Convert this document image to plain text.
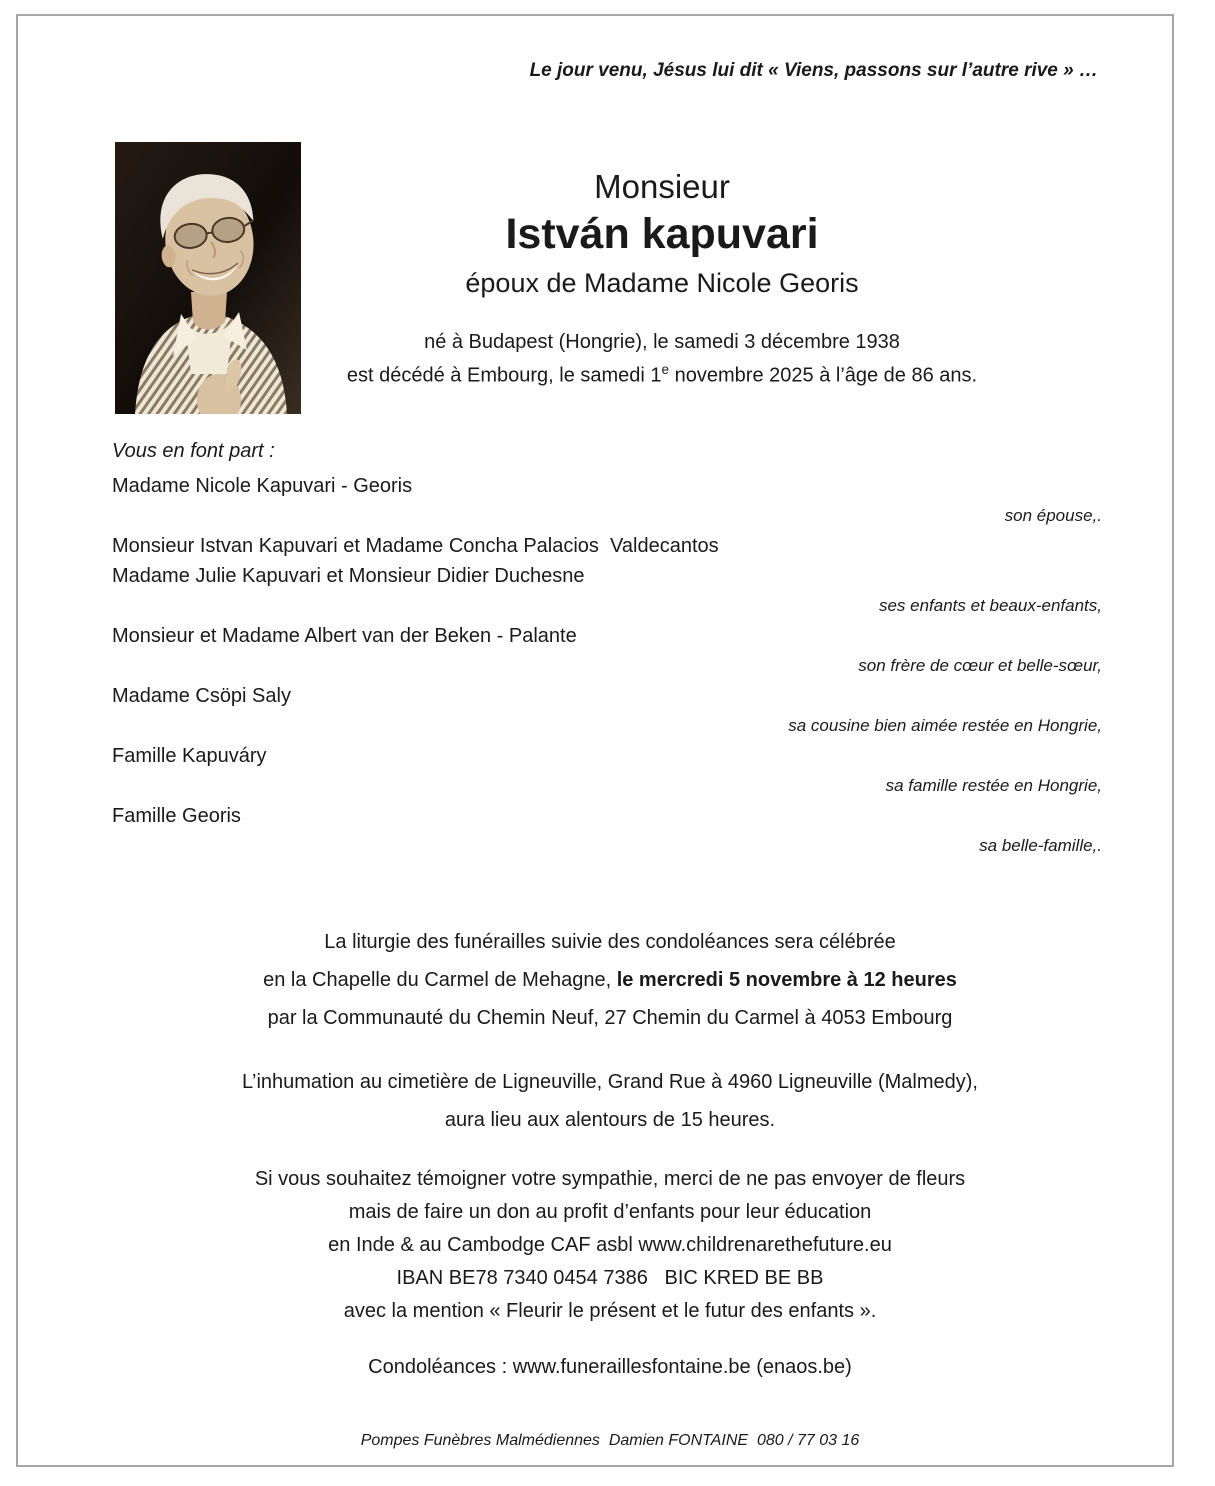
Le jour venu, Jésus lui dit « Viens, passons sur l’autre rive » …
Monsieur
István kapuvari
époux de Madame Nicole Georis
né à Budapest (Hongrie), le samedi 3 décembre 1938
est décédé à Embourg, le samedi 1e novembre 2025 à l’âge de 86 ans.
Vous en font part :
Madame Nicole Kapuvari - Georis
son épouse,.
Monsieur Istvan Kapuvari et Madame Concha Palacios  Valdecantos
Madame Julie Kapuvari et Monsieur Didier Duchesne
ses enfants et beaux-enfants,
Monsieur et Madame Albert van der Beken - Palante
son frère de cœur et belle-sœur,
Madame Csöpi Saly
sa cousine bien aimée restée en Hongrie,
Famille Kapuváry
sa famille restée en Hongrie,
Famille Georis
sa belle-famille,.
La liturgie des funérailles suivie des condoléances sera célébrée
en la Chapelle du Carmel de Mehagne, le mercredi 5 novembre à 12 heures
par la Communauté du Chemin Neuf, 27 Chemin du Carmel à 4053 Embourg
L’inhumation au cimetière de Ligneuville, Grand Rue à 4960 Ligneuville (Malmedy),
aura lieu aux alentours de 15 heures.
Si vous souhaitez témoigner votre sympathie, merci de ne pas envoyer de fleurs
mais de faire un don au profit d’enfants pour leur éducation
en Inde & au Cambodge CAF asbl www.childrenarethefuture.eu
IBAN BE78 7340 0454 7386   BIC KRED BE BB
avec la mention « Fleurir le présent et le futur des enfants ».
Condoléances : www.funeraillesfontaine.be (enaos.be)
Pompes Funèbres Malmédiennes  Damien FONTAINE  080 / 77 03 16
